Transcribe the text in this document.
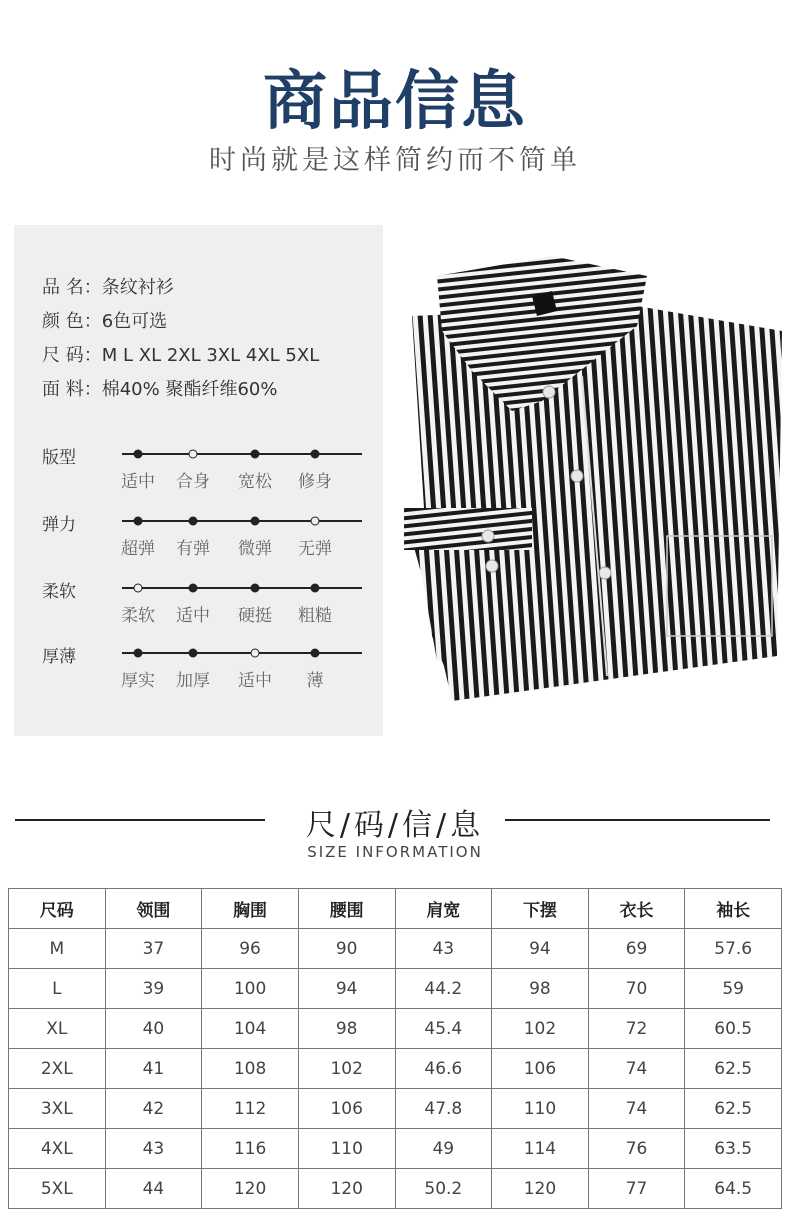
商品信息
时尚就是这样简约而不简单
品 名：条纹衬衫
颜 色：6色可选
尺 码：M L XL 2XL 3XL 4XL 5XL
面 料：棉40% 聚酯纤维60%
版型
适中 合身 宽松 修身
弹力
超弹 有弹 微弹 无弹
柔软
柔软 适中 硬挺 粗糙
厚薄
厚实 加厚 适中 薄
尺/码/信/息
SIZE INFORMATION
尺码	领围	胸围	腰围	肩宽	下摆	衣长	袖长
M	37	96	90	43	94	69	57.6
L	39	100	94	44.2	98	70	59
XL	40	104	98	45.4	102	72	60.5
2XL	41	108	102	46.6	106	74	62.5
3XL	42	112	106	47.8	110	74	62.5
4XL	43	116	110	49	114	76	63.5
5XL	44	120	120	50.2	120	77	64.5
